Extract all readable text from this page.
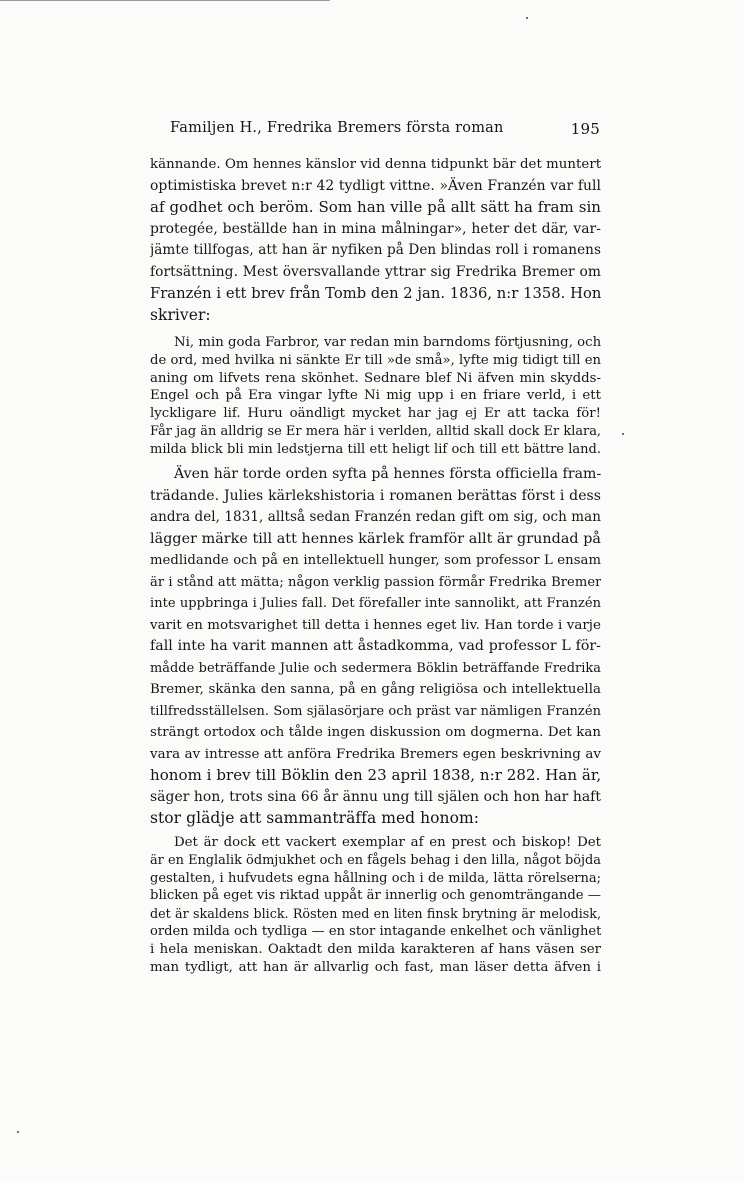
Familjen H., Fredrika Bremers första roman	195
kännande. Om hennes känslor vid denna tidpunkt bär det muntert
optimistiska brevet n:r 42 tydligt vittne. »Även Franzén var full
af godhet och beröm. Som han ville på allt sätt ha fram sin
protegée, beställde han in mina målningar», heter det där, var-
jämte tillfogas, att han är nyfiken på Den blindas roll i romanens
fortsättning. Mest översvallande yttrar sig Fredrika Bremer om
Franzén i ett brev från Tomb den 2 jan. 1836, n:r 1358. Hon
skriver:
Ni, min goda Farbror, var redan min barndoms förtjusning, och
de ord, med hvilka ni sänkte Er till »de små», lyfte mig tidigt till en
aning om lifvets rena skönhet. Sednare blef Ni äfven min skydds-
Engel och på Era vingar lyfte Ni mig upp i en friare verld, i ett
lyckligare lif. Huru oändligt mycket har jag ej Er att tacka för!
Får jag än alldrig se Er mera här i verlden, alltid skall dock Er klara,
milda blick bli min ledstjerna till ett heligt lif och till ett bättre land.
Även här torde orden syfta på hennes första officiella fram-
trädande. Julies kärlekshistoria i romanen berättas först i dess
andra del, 1831, alltså sedan Franzén redan gift om sig, och man
lägger märke till att hennes kärlek framför allt är grundad på
medlidande och på en intellektuell hunger, som professor L ensam
är i stånd att mätta; någon verklig passion förmår Fredrika Bremer
inte uppbringa i Julies fall. Det förefaller inte sannolikt, att Franzén
varit en motsvarighet till detta i hennes eget liv. Han torde i varje
fall inte ha varit mannen att åstadkomma, vad professor L för-
mådde beträffande Julie och sedermera Böklin beträffande Fredrika
Bremer, skänka den sanna, på en gång religiösa och intellektuella
tillfredsställelsen. Som själasörjare och präst var nämligen Franzén
strängt ortodox och tålde ingen diskussion om dogmerna. Det kan
vara av intresse att anföra Fredrika Bremers egen beskrivning av
honom i brev till Böklin den 23 april 1838, n:r 282. Han är,
säger hon, trots sina 66 år ännu ung till själen och hon har haft
stor glädje att sammanträffa med honom:
Det är dock ett vackert exemplar af en prest och biskop! Det
är en Englalik ödmjukhet och en fågels behag i den lilla, något böjda
gestalten, i hufvudets egna hållning och i de milda, lätta rörelserna;
blicken på eget vis riktad uppåt är innerlig och genomträngande —
det är skaldens blick. Rösten med en liten finsk brytning är melodisk,
orden milda och tydliga — en stor intagande enkelhet och vänlighet
i hela meniskan. Oaktadt den milda karakteren af hans väsen ser
man tydligt, att han är allvarlig och fast, man läser detta äfven i
